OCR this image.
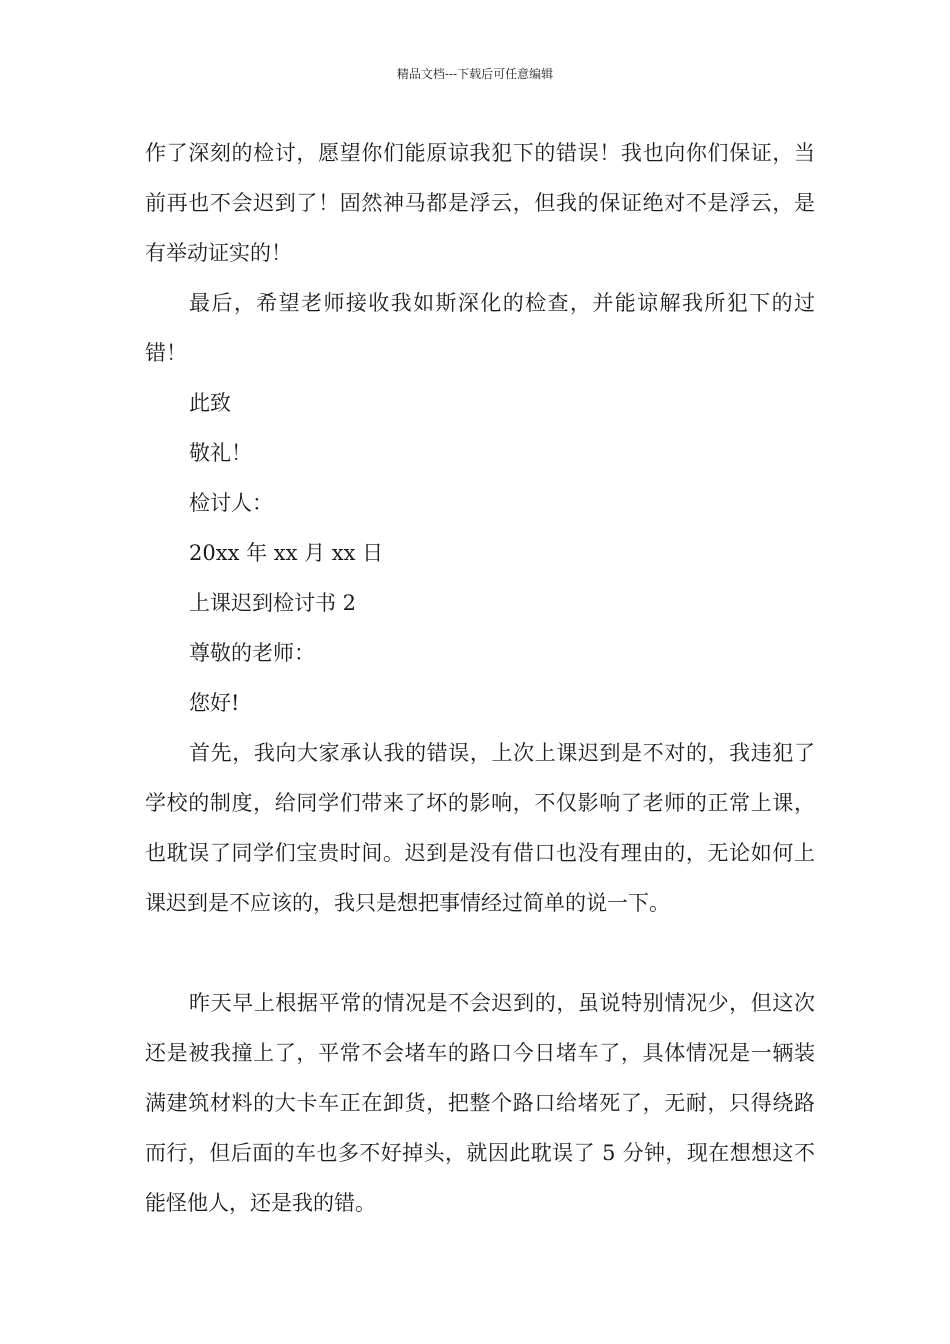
精品文档---下载后可任意编辑

作了深刻的检讨，愿望你们能原谅我犯下的错误！我也向你们保证，当前再也不会迟到了！固然神马都是浮云，但我的保证绝对不是浮云，是有举动证实的！

最后，希望老师接收我如斯深化的检查，并能谅解我所犯下的过错！

此致

敬礼！

检讨人：

20xx 年 xx 月 xx 日

上课迟到检讨书 2

尊敬的老师：

您好!

首先，我向大家承认我的错误，上次上课迟到是不对的，我违犯了学校的制度，给同学们带来了坏的影响，不仅影响了老师的正常上课，也耽误了同学们宝贵时间。迟到是没有借口也没有理由的，无论如何上课迟到是不应该的，我只是想把事情经过简单的说一下。

昨天早上根据平常的情况是不会迟到的，虽说特别情况少，但这次还是被我撞上了，平常不会堵车的路口今日堵车了，具体情况是一辆装满建筑材料的大卡车正在卸货，把整个路口给堵死了，无耐，只得绕路而行，但后面的车也多不好掉头，就因此耽误了 5 分钟，现在想想这不能怪他人，还是我的错。
